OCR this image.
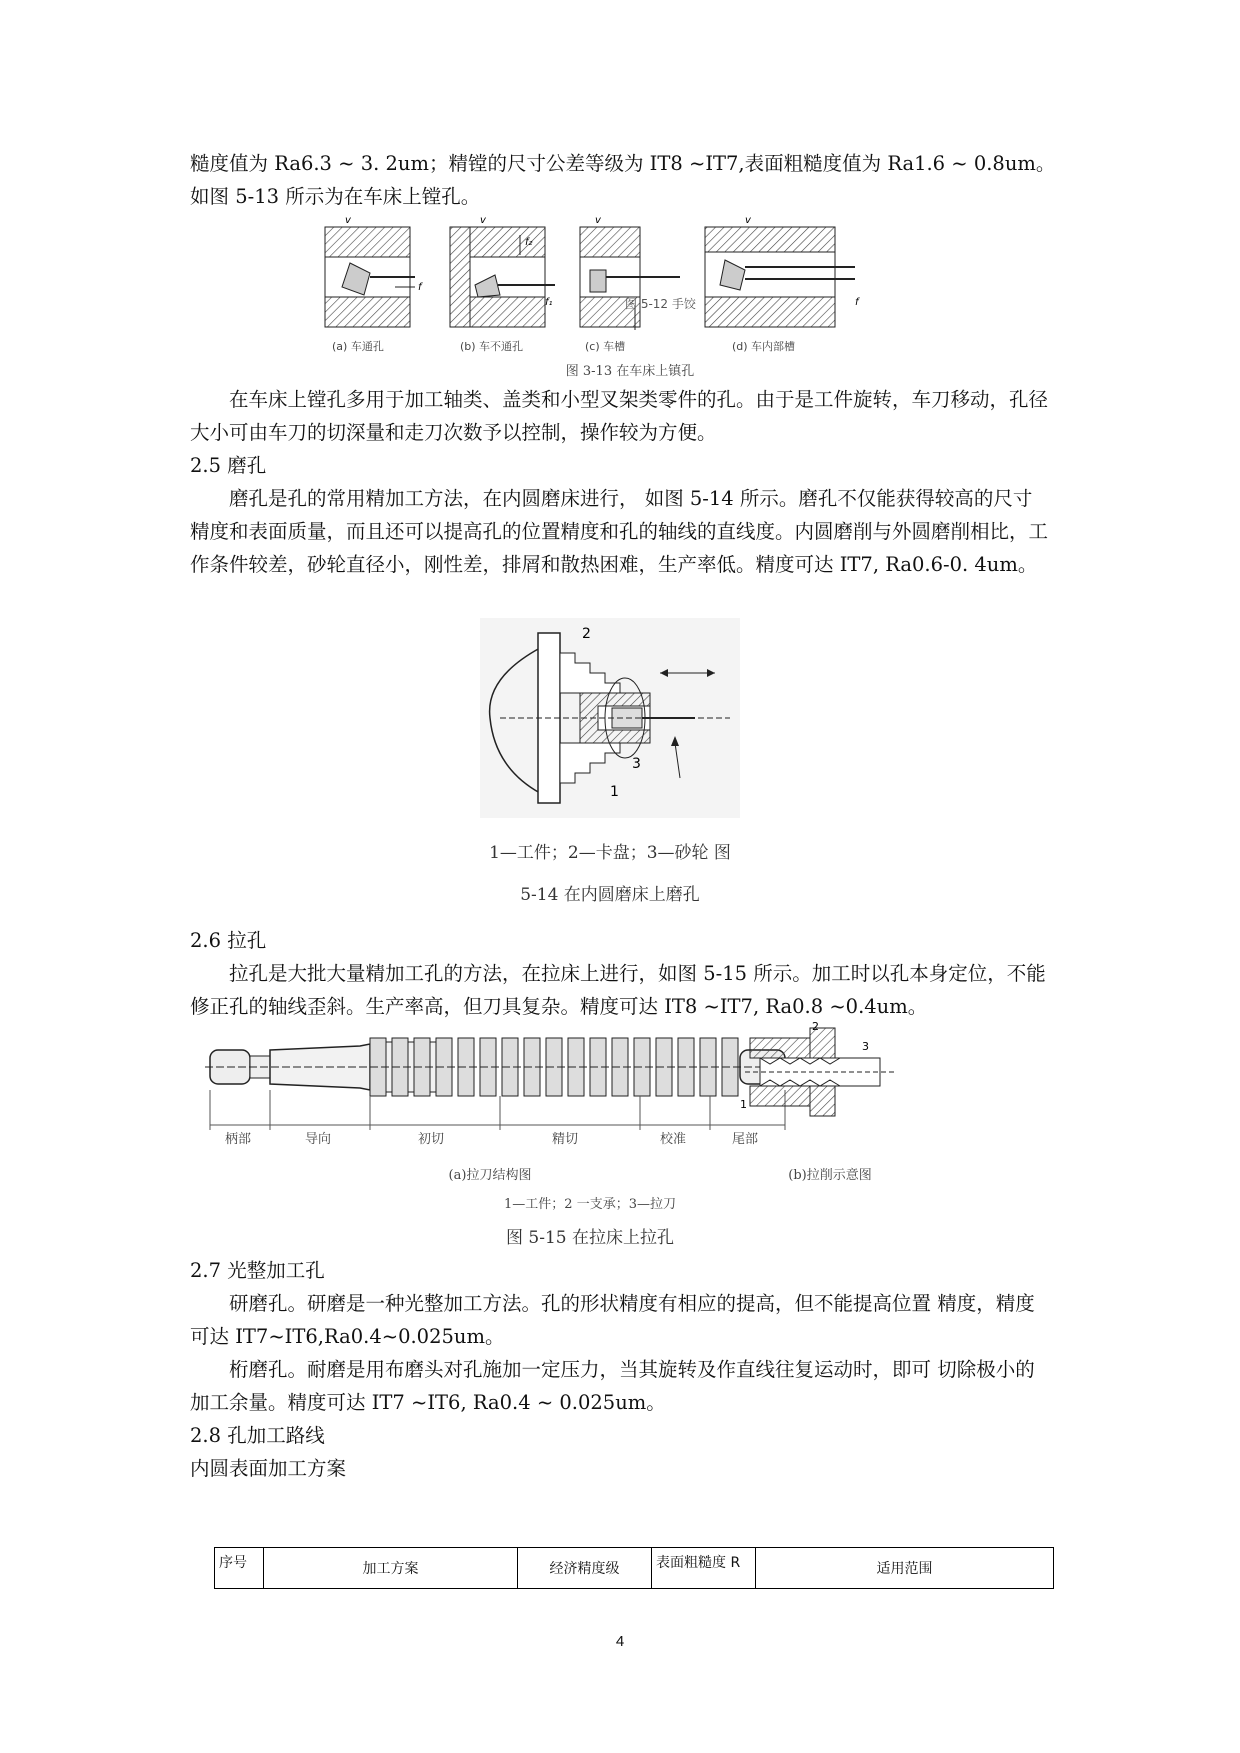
糙度值为 Ra6.3 ~ 3. 2um；精镗的尺寸公差等级为 IT8 ~IT7,表面粗糙度值为 Ra1.6 ~ 0.8um。

如图 5-13 所示为在车床上镗孔。

f
v
f₂
f₁
v	v
图 5-12 手饺	f
v
(a) 车通孔	(b) 车不通孔	(c) 车槽	(d) 车内部槽
图 3-13 在车床上镇孔

在车床上镗孔多用于加工轴类、盖类和小型叉架类零件的孔。由于是工件旋转，车刀移动，孔径大小可由车刀的切深量和走刀次数予以控制，操作较为方便。

2.5 磨孔

磨孔是孔的常用精加工方法，在内圆磨床进行， 如图 5-14 所示。磨孔不仅能获得较高的尺寸精度和表面质量，而且还可以提高孔的位置精度和孔的轴线的直线度。内圆磨削与外圆磨削相比，工作条件较差，砂轮直径小，刚性差，排屑和散热困难，生产率低。精度可达 IT7, Ra0.6-0. 4um。

2
3
1
1—工件；2—卡盘；3—砂轮 图
5-14 在内圆磨床上磨孔
2.6 拉孔

拉孔是大批大量精加工孔的方法，在拉床上进行，如图 5-15 所示。加工时以孔本身定位，不能修正孔的轴线歪斜。生产率高，但刀具复杂。精度可达 IT8 ~IT7, Ra0.8 ~0.4um。

柄部	导向	初切	精切	校准	尾部
2
3
1
(a)拉刀结构图	(b)拉削示意图
1—工件；2 一支承；3—拉刀
图 5-15 在拉床上拉孔
2.7 光整加工孔

研磨孔。研磨是一种光整加工方法。孔的形状精度有相应的提高，但不能提高位置 精度，精度可达 IT7~IT6,Ra0.4~0.025um。

桁磨孔。耐磨是用布磨头对孔施加一定压力，当其旋转及作直线往复运动时，即可 切除极小的加工余量。精度可达 IT7 ~IT6, Ra0.4 ~ 0.025um。

2.8 孔加工路线

内圆表面加工方案

序号	加工方案	经济精度级	表面粗糙度 R	适用范围
4
